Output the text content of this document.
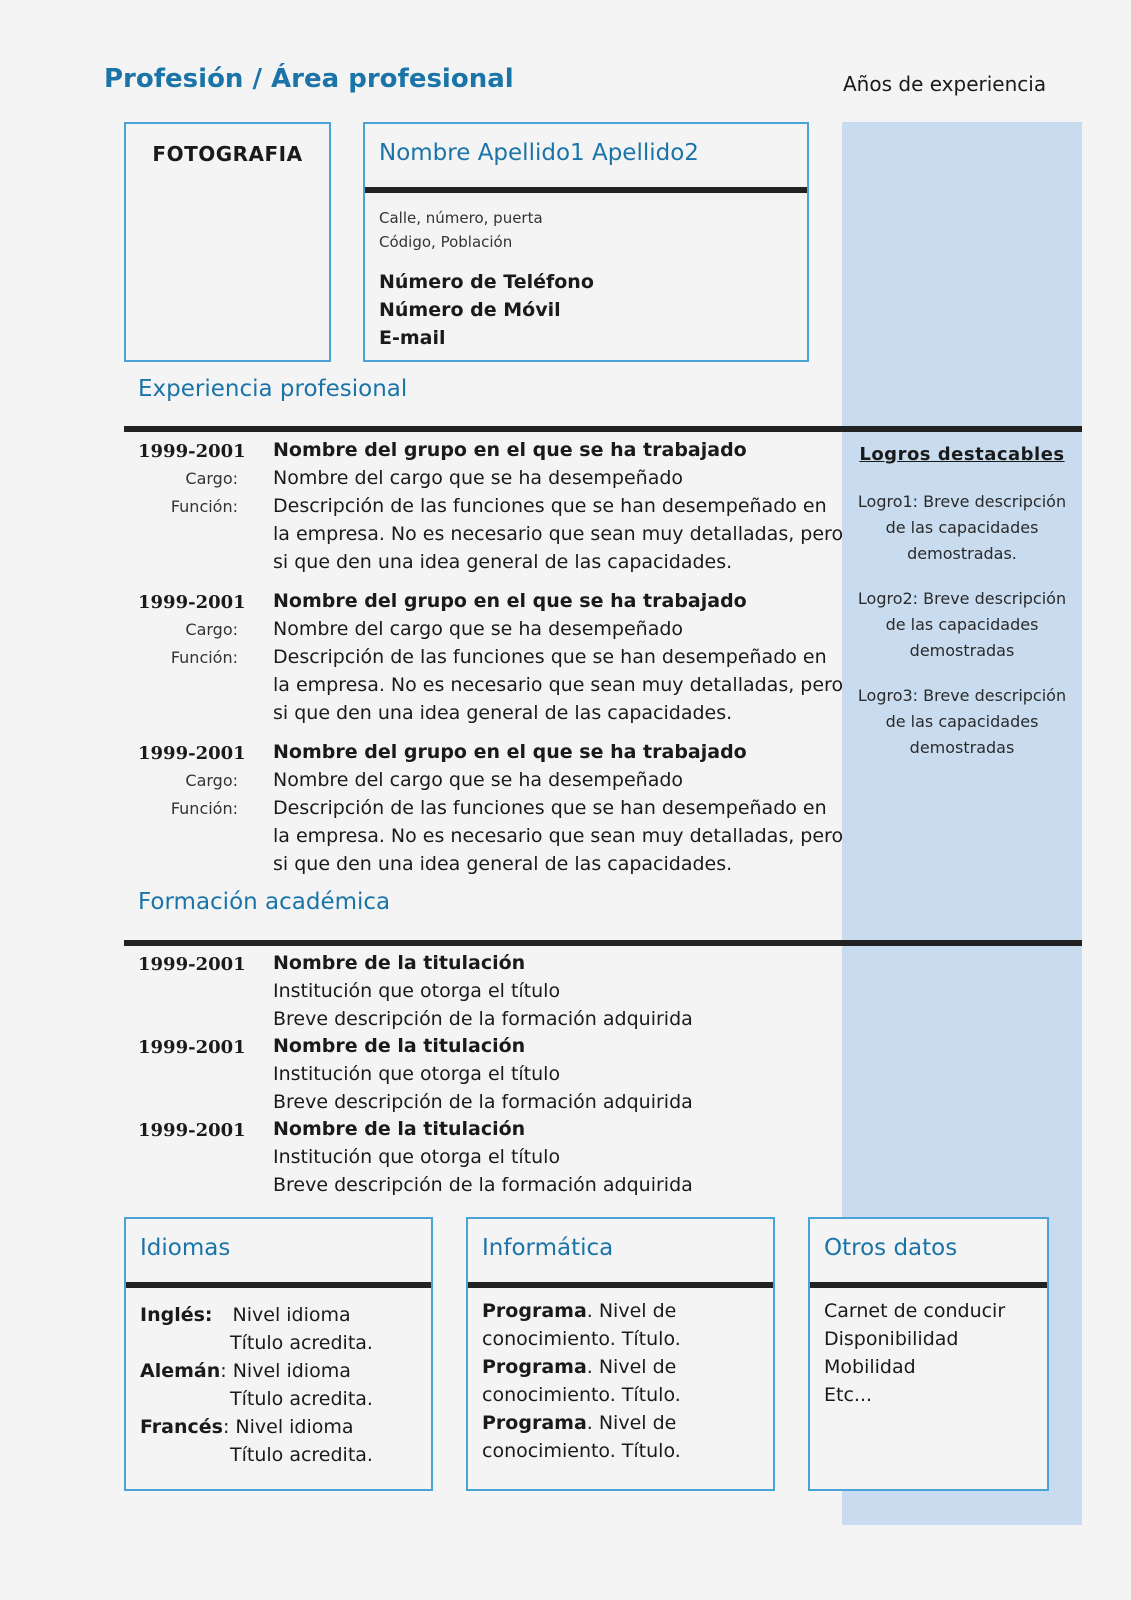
Profesión / Área profesional	Años de experiencia
FOTOGRAFIA	Nombre Apellido1 Apellido2
Calle, número, puerta
Código, Población
Número de Teléfono
Número de Móvil
E-mail
Experiencia profesional
1999-2001 Nombre del grupo en el que se ha trabajado
Cargo: Nombre del cargo que se ha desempeñado
Función: Descripción de las funciones que se han desempeñado en
la empresa. No es necesario que sean muy detalladas, pero
si que den una idea general de las capacidades.
1999-2001 Nombre del grupo en el que se ha trabajado
Cargo: Nombre del cargo que se ha desempeñado
Función: Descripción de las funciones que se han desempeñado en
la empresa. No es necesario que sean muy detalladas, pero
si que den una idea general de las capacidades.
1999-2001 Nombre del grupo en el que se ha trabajado
Cargo: Nombre del cargo que se ha desempeñado
Función: Descripción de las funciones que se han desempeñado en
la empresa. No es necesario que sean muy detalladas, pero
si que den una idea general de las capacidades.
Logros destacables
Logro1: Breve descripción
de las capacidades
demostradas.
Logro2: Breve descripción
de las capacidades
demostradas
Logro3: Breve descripción
de las capacidades
demostradas
Formación académica
1999-2001 Nombre de la titulación
Institución que otorga el título
Breve descripción de la formación adquirida
1999-2001 Nombre de la titulación
Institución que otorga el título
Breve descripción de la formación adquirida
1999-2001 Nombre de la titulación
Institución que otorga el título
Breve descripción de la formación adquirida
Idiomas
Inglés: Nivel idioma
Título acredita.
Alemán: Nivel idioma
Título acredita.
Francés: Nivel idioma
Título acredita.
Informática
Programa. Nivel de
conocimiento. Título.
Programa. Nivel de
conocimiento. Título.
Programa. Nivel de
conocimiento. Título.
Otros datos
Carnet de conducir
Disponibilidad
Mobilidad
Etc...
